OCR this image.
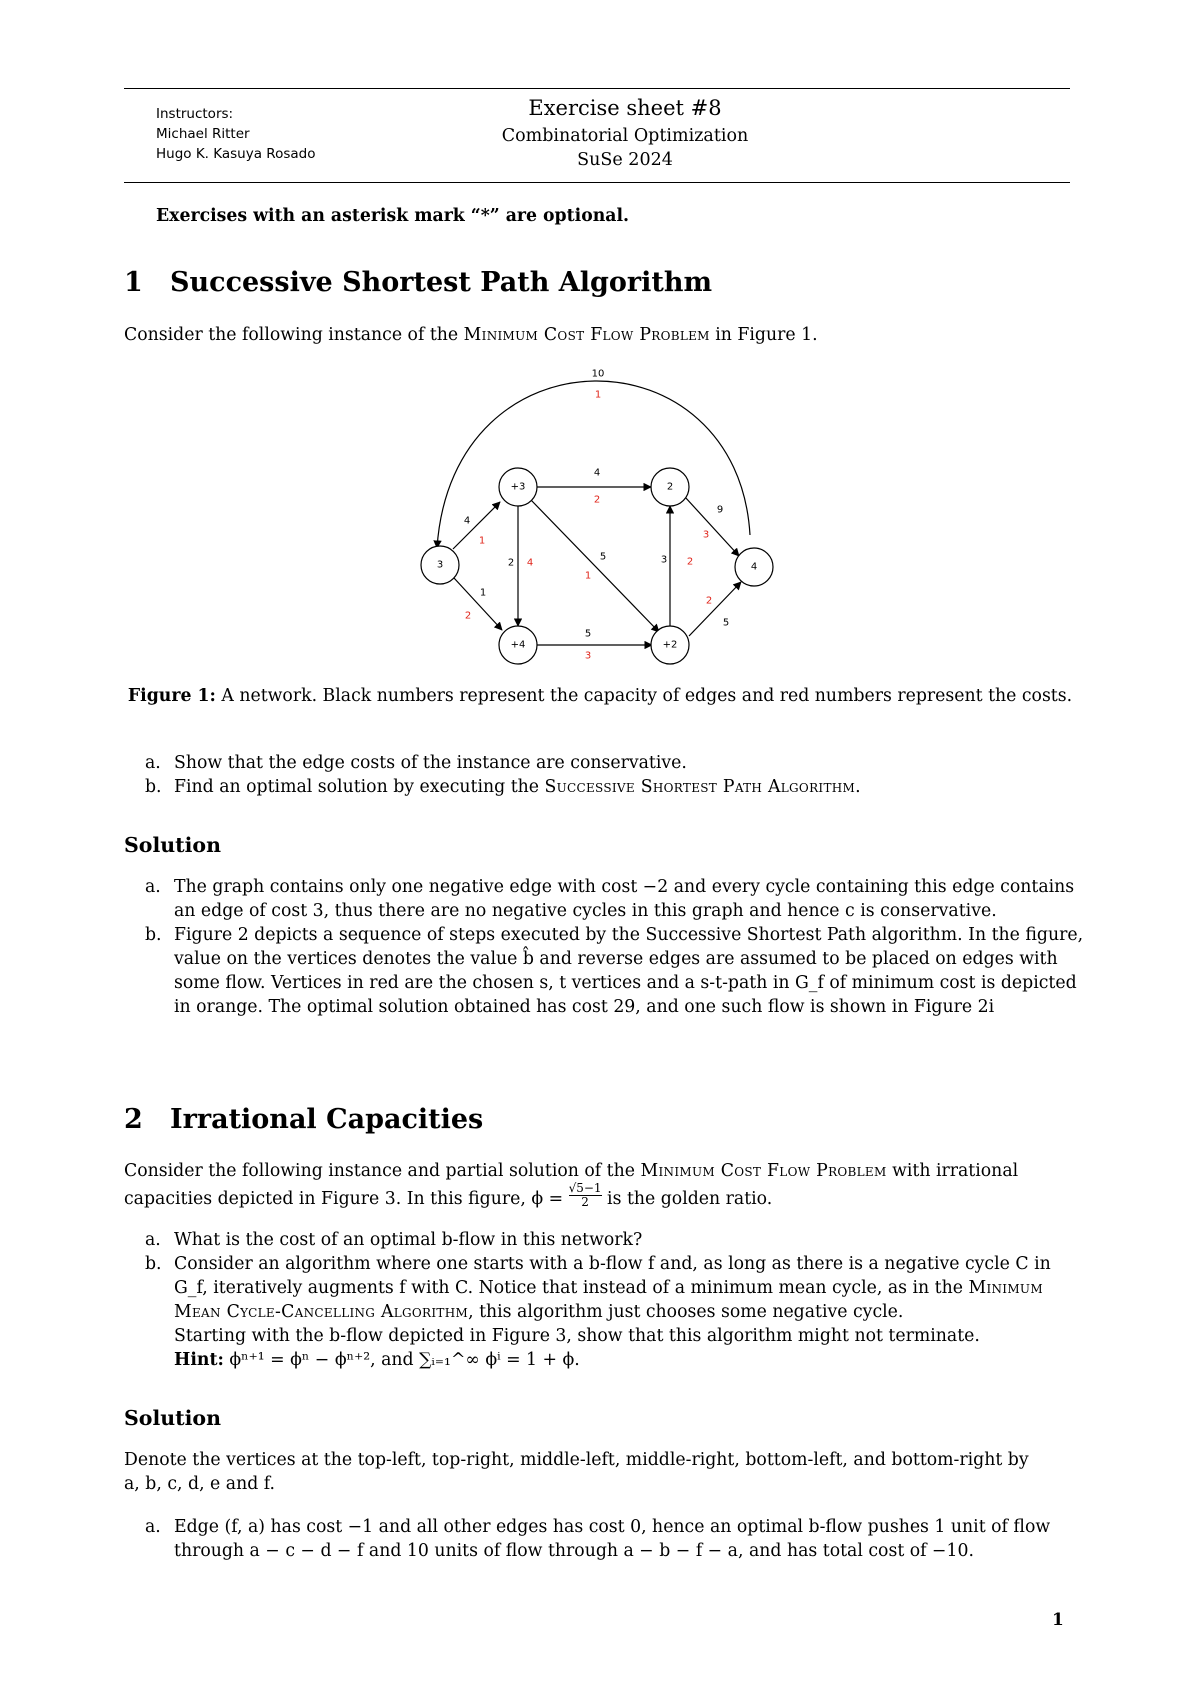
Instructors:
Michael Ritter
Hugo K. Kasuya Rosado
Exercise sheet #8
Combinatorial Optimization
SuSe 2024
Exercises with an asterisk mark “*” are optional.
1 Successive Shortest Path Algorithm
Consider the following instance of the Minimum Cost Flow Problem in Figure 1.
3
+3
+4
2
+2
4
10
1
4
1
1
2
4
2
2 4
5
1
5
3
3 2
9
3
5
2
Figure 1: A network. Black numbers represent the capacity of edges and red numbers represent the costs.
a. Show that the edge costs of the instance are conservative.
b. Find an optimal solution by executing the Successive Shortest Path Algorithm.
Solution
a. The graph contains only one negative edge with cost −2 and every cycle containing this edge contains
an edge of cost 3, thus there are no negative cycles in this graph and hence c is conservative.
b. Figure 2 depicts a sequence of steps executed by the Successive Shortest Path algorithm. In the figure,
value on the vertices denotes the value b̂ and reverse edges are assumed to be placed on edges with
some flow. Vertices in red are the chosen s, t vertices and a s-t-path in G_f of minimum cost is depicted
in orange. The optimal solution obtained has cost 29, and one such flow is shown in Figure 2i
2 Irrational Capacities
Consider the following instance and partial solution of the Minimum Cost Flow Problem with irrational
capacities depicted in Figure 3. In this figure, $\phi = \frac{√5-1}{2}$ is the golden ratio.
a. What is the cost of an optimal b-flow in this network?
b. Consider an algorithm where one starts with a b-flow f and, as long as there is a negative cycle C in
G_f, iteratively augments f with C. Notice that instead of a minimum mean cycle, as in the Minimum
Mean Cycle-Cancelling Algorithm, this algorithm just chooses some negative cycle.
Starting with the b-flow depicted in Figure 3, show that this algorithm might not terminate.
Hint: ϕⁿ⁺¹ = ϕⁿ − ϕⁿ⁺², and ∑ᵢ₌₁^∞ ϕⁱ = 1 + ϕ.
Solution
Denote the vertices at the top-left, top-right, middle-left, middle-right, bottom-left, and bottom-right by
a, b, c, d, e and f.
a. Edge (f, a) has cost −1 and all other edges has cost 0, hence an optimal b-flow pushes 1 unit of flow
through a − c − d − f and 10 units of flow through a − b − f − a, and has total cost of −10.
1
